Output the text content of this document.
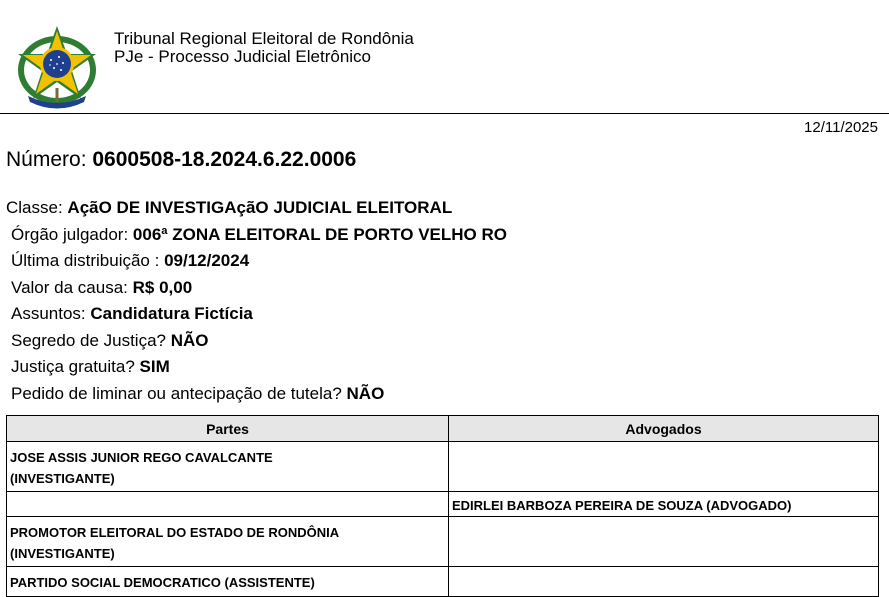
Tribunal Regional Eleitoral de Rondônia
PJe - Processo Judicial Eletrônico
12/11/2025
Número: 0600508-18.2024.6.22.0006
Classe: AçãO DE INVESTIGAçãO JUDICIAL ELEITORAL
Órgão julgador: 006ª ZONA ELEITORAL DE PORTO VELHO RO
Última distribuição : 09/12/2024
Valor da causa: R$ 0,00
Assuntos: Candidatura Fictícia
Segredo de Justiça? NÃO
Justiça gratuita? SIM
Pedido de liminar ou antecipação de tutela? NÃO
Partes	Advogados

JOSE ASSIS JUNIOR REGO CAVALCANTE
(INVESTIGANTE)	

	EDIRLEI BARBOZA PEREIRA DE SOUZA (ADVOGADO)

PROMOTOR ELEITORAL DO ESTADO DE RONDÔNIA
(INVESTIGANTE)	

PARTIDO SOCIAL DEMOCRATICO (ASSISTENTE)	
